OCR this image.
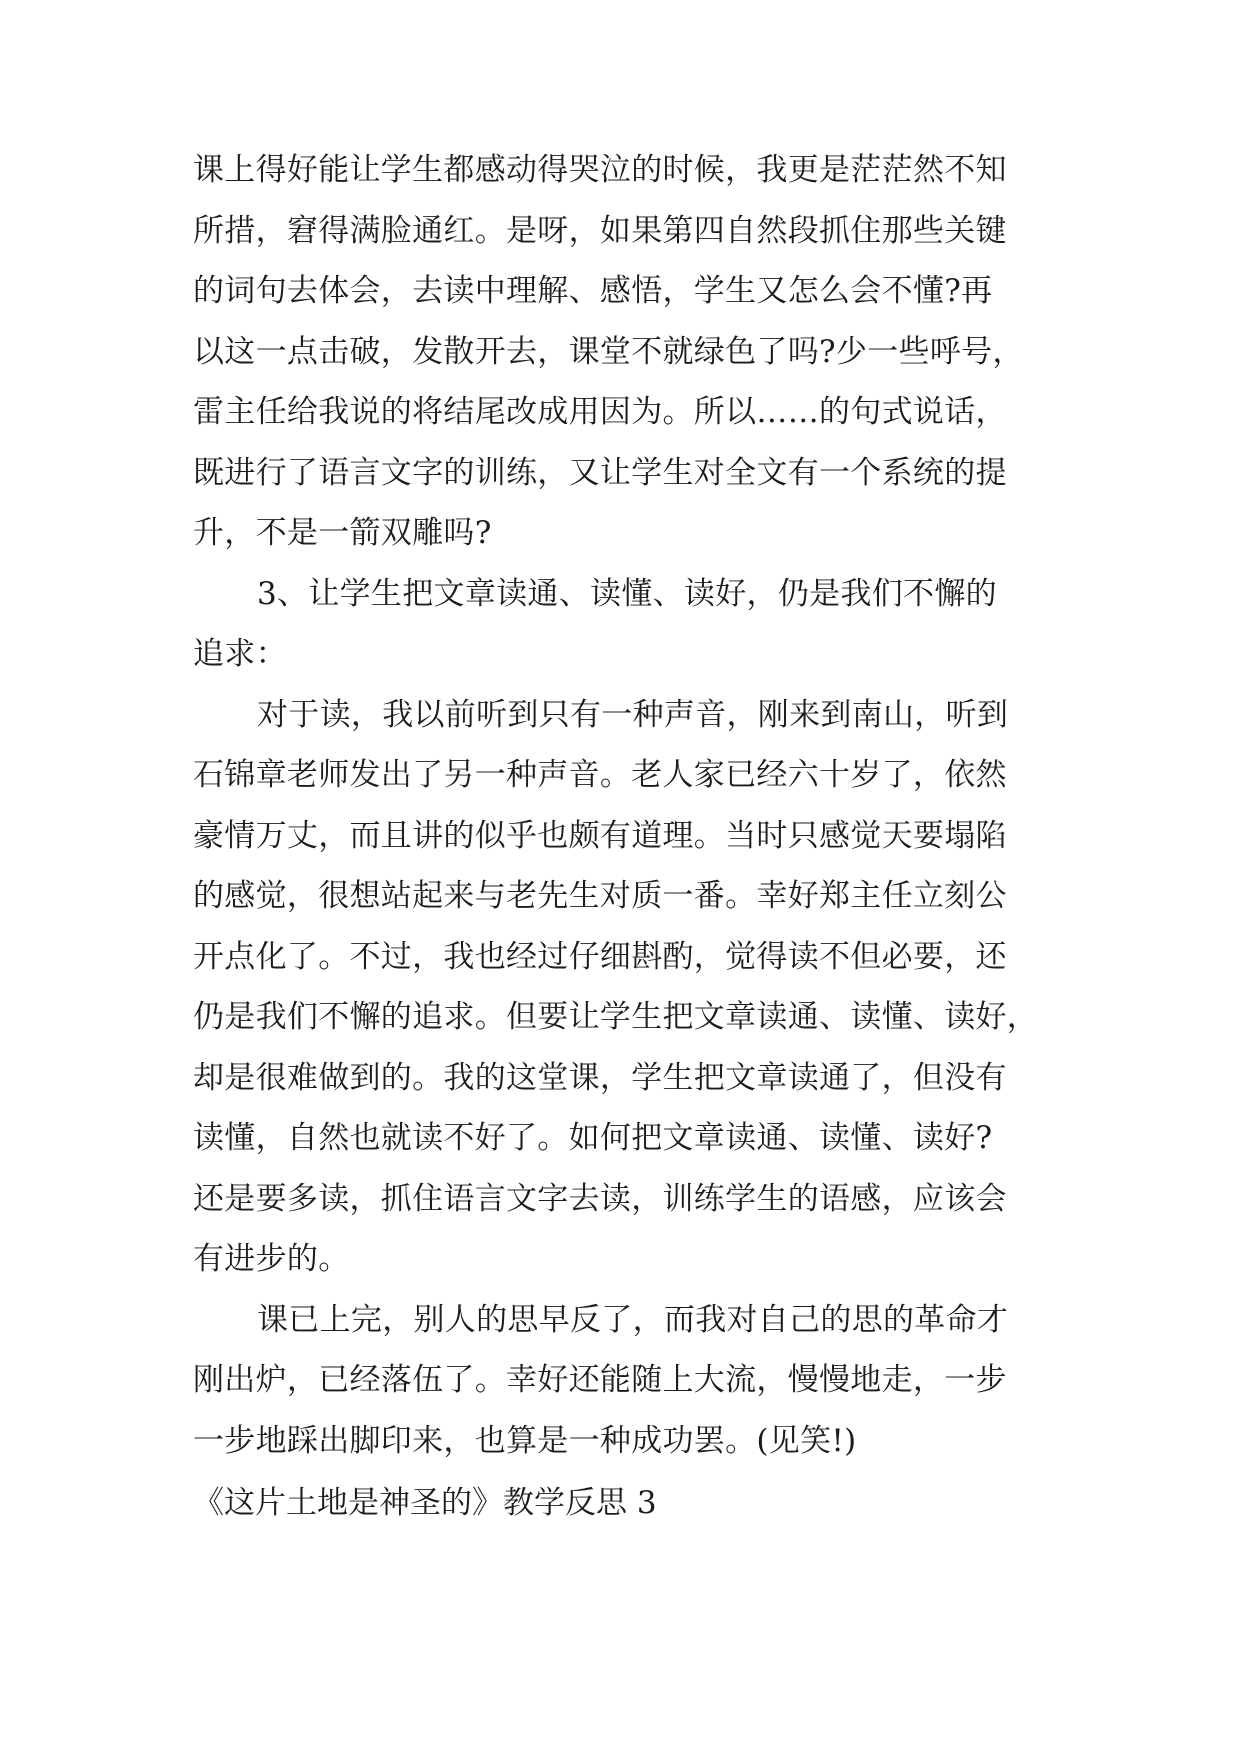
课上得好能让学生都感动得哭泣的时候，我更是茫茫然不知
所措，窘得满脸通红。是呀，如果第四自然段抓住那些关键
的词句去体会，去读中理解、感悟，学生又怎么会不懂?再
以这一点击破，发散开去，课堂不就绿色了吗?少一些呼号，
雷主任给我说的将结尾改成用因为。所以……的句式说话，
既进行了语言文字的训练，又让学生对全文有一个系统的提
升，不是一箭双雕吗?
3、让学生把文章读通、读懂、读好，仍是我们不懈的
追求：
对于读，我以前听到只有一种声音，刚来到南山，听到
石锦章老师发出了另一种声音。老人家已经六十岁了，依然
豪情万丈，而且讲的似乎也颇有道理。当时只感觉天要塌陷
的感觉，很想站起来与老先生对质一番。幸好郑主任立刻公
开点化了。不过，我也经过仔细斟酌，觉得读不但必要，还
仍是我们不懈的追求。但要让学生把文章读通、读懂、读好，
却是很难做到的。我的这堂课，学生把文章读通了，但没有
读懂，自然也就读不好了。如何把文章读通、读懂、读好?
还是要多读，抓住语言文字去读，训练学生的语感，应该会
有进步的。
课已上完，别人的思早反了，而我对自己的思的革命才
刚出炉，已经落伍了。幸好还能随上大流，慢慢地走，一步
一步地踩出脚印来，也算是一种成功罢。(见笑!)
《这片土地是神圣的》教学反思 3
